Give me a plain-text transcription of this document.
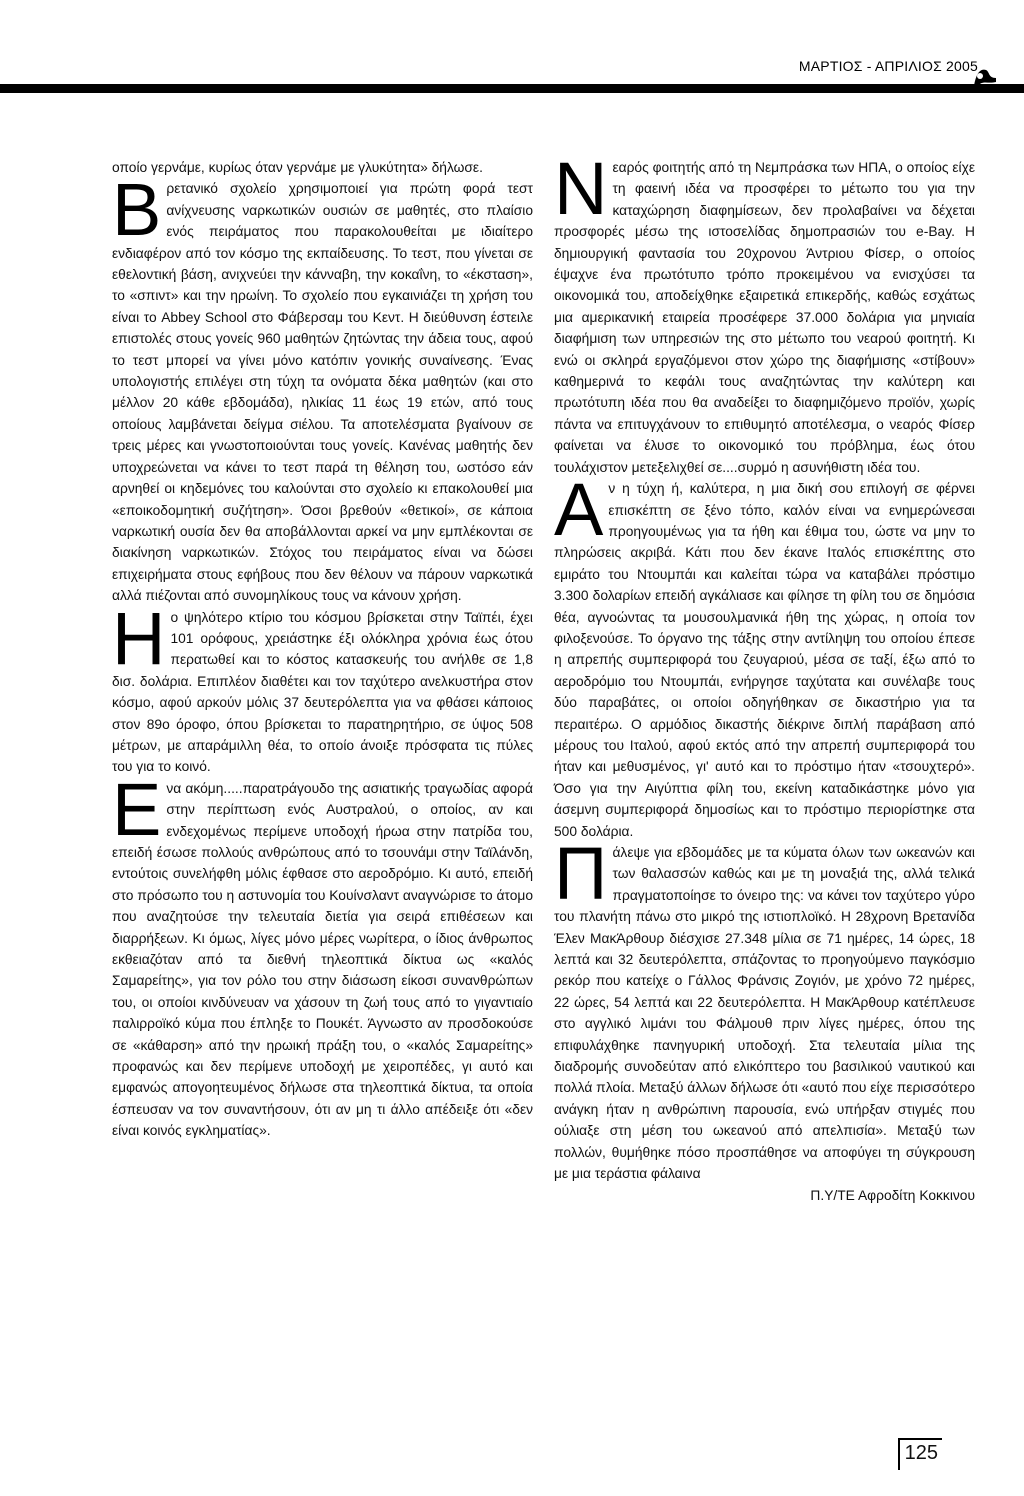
ΜΑΡΤΙΟΣ - ΑΠΡΙΛΙΟΣ 2005

οποίο γερνάμε, κυρίως όταν γερνάμε με γλυκύτητα» δήλωσε.

Βρετανικό σχολείο χρησιμοποιεί για πρώτη φορά τεστ ανίχνευσης ναρκωτικών ουσιών σε μαθητές, στο πλαίσιο ενός πειράματος που παρακολουθείται με ιδιαίτερο ενδιαφέρον από τον κόσμο της εκπαίδευσης. Το τεστ, που γίνεται σε εθελοντική βάση, ανιχνεύει την κάνναβη, την κοκαΐνη, το «έκσταση», το «σπιντ» και την ηρωίνη. Το σχολείο που εγκαινιάζει τη χρήση του είναι το Abbey School στο Φάβερσαμ του Κεντ. Η διεύθυνση έστειλε επιστολές στους γονείς 960 μαθητών ζητώντας την άδεια τους, αφού το τεστ μπορεί να γίνει μόνο κατόπιν γονικής συναίνεσης. Ένας υπολογιστής επιλέγει στη τύχη τα ονόματα δέκα μαθητών (και στο μέλλον 20 κάθε εβδομάδα), ηλικίας 11 έως 19 ετών, από τους οποίους λαμβάνεται δείγμα σιέλου. Τα αποτελέσματα βγαίνουν σε τρεις μέρες και γνωστοποιούνται τους γονείς. Κανένας μαθητής δεν υποχρεώνεται να κάνει το τεστ παρά τη θέληση του, ωστόσο εάν αρνηθεί οι κηδεμόνες του καλούνται στο σχολείο κι επακολουθεί μια «εποικοδομητική συζήτηση». Όσοι βρεθούν «θετικοί», σε κάποια ναρκωτική ουσία δεν θα αποβάλλονται αρκεί να μην εμπλέκονται σε διακίνηση ναρκωτικών. Στόχος του πειράματος είναι να δώσει επιχειρήματα στους εφήβους που δεν θέλουν να πάρουν ναρκωτικά αλλά πιέζονται από συνομηλίκους τους να κάνουν χρήση.

Ηο ψηλότερο κτίριο του κόσμου βρίσκεται στην Ταϊπέι, έχει 101 ορόφους, χρειάστηκε έξι ολόκληρα χρόνια έως ότου περατωθεί και το κόστος κατασκευής του ανήλθε σε 1,8 δισ. δολάρια. Επιπλέον διαθέτει και τον ταχύτερο ανελκυστήρα στον κόσμο, αφού αρκούν μόλις 37 δευτερόλεπτα για να φθάσει κάποιος στον 89ο όροφο, όπου βρίσκεται το παρατηρητήριο, σε ύψος 508 μέτρων, με απαράμιλλη θέα, το οποίο άνοιξε πρόσφατα τις πύλες του για το κοινό.

Ενα ακόμη.....παρατράγουδο της ασιατικής τραγωδίας αφορά στην περίπτωση ενός Αυστραλού, ο οποίος, αν και ενδεχομένως περίμενε υποδοχή ήρωα στην πατρίδα του, επειδή έσωσε πολλούς ανθρώπους από το τσουνάμι στην Ταϊλάνδη, εντούτοις συνελήφθη μόλις έφθασε στο αεροδρόμιο. Κι αυτό, επειδή στο πρόσωπο του η αστυνομία του Κουίνσλαντ αναγνώρισε το άτομο που αναζητούσε την τελευταία διετία για σειρά επιθέσεων και διαρρήξεων. Κι όμως, λίγες μόνο μέρες νωρίτερα, ο ίδιος άνθρωπος εκθειαζόταν από τα διεθνή τηλεοπτικά δίκτυα ως «καλός Σαμαρείτης», για τον ρόλο του στην διάσωση είκοσι συνανθρώπων του, οι οποίοι κινδύνευαν να χάσουν τη ζωή τους από το γιγαντιαίο παλιρροϊκό κύμα που έπληξε το Πουκέτ. Άγνωστο αν προσδοκούσε σε «κάθαρση» από την ηρωική πράξη του, ο «καλός Σαμαρείτης» προφανώς και δεν περίμενε υποδοχή με χειροπέδες, γι αυτό και εμφανώς απογοητευμένος δήλωσε στα τηλεοπτικά δίκτυα, τα οποία έσπευσαν να τον συναντήσουν, ότι αν μη τι άλλο απέδειξε ότι «δεν είναι κοινός εγκληματίας».

Νεαρός φοιτητής από τη Νεμπράσκα των ΗΠΑ, ο οποίος είχε τη φαεινή ιδέα να προσφέρει το μέτωπο του για την καταχώρηση διαφημίσεων, δεν προλαβαίνει να δέχεται προσφορές μέσω της ιστοσελίδας δημοπρασιών του e-Bay. Η δημιουργική φαντασία του 20χρονου Άντριου Φίσερ, ο οποίος έψαχνε ένα πρωτότυπο τρόπο προκειμένου να ενισχύσει τα οικονομικά του, αποδείχθηκε εξαιρετικά επικερδής, καθώς εσχάτως μια αμερικανική εταιρεία προσέφερε 37.000 δολάρια για μηνιαία διαφήμιση των υπηρεσιών της στο μέτωπο του νεαρού φοιτητή. Κι ενώ οι σκληρά εργαζόμενοι στον χώρο της διαφήμισης «στίβουν» καθημερινά το κεφάλι τους αναζητώντας την καλύτερη και πρωτότυπη ιδέα που θα αναδείξει το διαφημιζόμενο προϊόν, χωρίς πάντα να επιτυγχάνουν το επιθυμητό αποτέλεσμα, ο νεαρός Φίσερ φαίνεται να έλυσε το οικονομικό του πρόβλημα, έως ότου τουλάχιστον μετεξελιχθεί σε....συρμό η ασυνήθιστη ιδέα του.

Αν η τύχη ή, καλύτερα, η μια δική σου επιλογή σε φέρνει επισκέπτη σε ξένο τόπο, καλόν είναι να ενημερώνεσαι προηγουμένως για τα ήθη και έθιμα του, ώστε να μην το πληρώσεις ακριβά. Κάτι που δεν έκανε Ιταλός επισκέπτης στο εμιράτο του Ντουμπάι και καλείται τώρα να καταβάλει πρόστιμο 3.300 δολαρίων επειδή αγκάλιασε και φίλησε τη φίλη του σε δημόσια θέα, αγνοώντας τα μουσουλμανικά ήθη της χώρας, η οποία τον φιλοξενούσε. Το όργανο της τάξης στην αντίληψη του οποίου έπεσε η απρεπής συμπεριφορά του ζευγαριού, μέσα σε ταξί, έξω από το αεροδρόμιο του Ντουμπάι, ενήργησε ταχύτατα και συνέλαβε τους δύο παραβάτες, οι οποίοι οδηγήθηκαν σε δικαστήριο για τα περαιτέρω. Ο αρμόδιος δικαστής διέκρινε διπλή παράβαση από μέρους του Ιταλού, αφού εκτός από την απρεπή συμπεριφορά του ήταν και μεθυσμένος, γι' αυτό και το πρόστιμο ήταν «τσουχτερό». Όσο για την Αιγύπτια φίλη του, εκείνη καταδικάστηκε μόνο για άσεμνη συμπεριφορά δημοσίως και το πρόστιμο περιορίστηκε στα 500 δολάρια.

Πάλεψε για εβδομάδες με τα κύματα όλων των ωκεανών και των θαλασσών καθώς και με τη μοναξιά της, αλλά τελικά πραγματοποίησε το όνειρο της: να κάνει τον ταχύτερο γύρο του πλανήτη πάνω στο μικρό της ιστιοπλοϊκό. Η 28χρονη Βρετανίδα Έλεν ΜακΆρθουρ διέσχισε 27.348 μίλια σε 71 ημέρες, 14 ώρες, 18 λεπτά και 32 δευτερόλεπτα, σπάζοντας το προηγούμενο παγκόσμιο ρεκόρ που κατείχε ο Γάλλος Φράνσις Ζογιόν, με χρόνο 72 ημέρες, 22 ώρες, 54 λεπτά και 22 δευτερόλεπτα. Η ΜακΆρθουρ κατέπλευσε στο αγγλικό λιμάνι του Φάλμουθ πριν λίγες ημέρες, όπου της επιφυλάχθηκε πανηγυρική υποδοχή. Στα τελευταία μίλια της διαδρομής συνοδεύταν από ελικόπτερο του βασιλικού ναυτικού και πολλά πλοία. Μεταξύ άλλων δήλωσε ότι «αυτό που είχε περισσότερο ανάγκη ήταν η ανθρώπινη παρουσία, ενώ υπήρξαν στιγμές που ούλιαξε στη μέση του ωκεανού από απελπισία». Μεταξύ των πολλών, θυμήθηκε πόσο προσπάθησε να αποφύγει τη σύγκρουση με μια τεράστια φάλαινα

Π.Υ/ΤΕ Αφροδίτη Κοκκινου

125
